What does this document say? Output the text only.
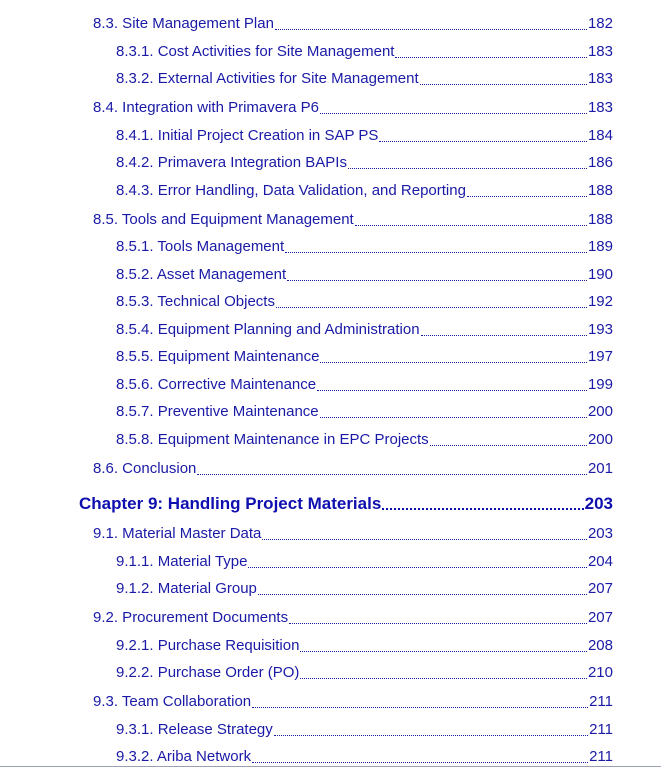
8.3. Site Management Plan	182
8.3.1. Cost Activities for Site Management	183
8.3.2. External Activities for Site Management	183
8.4. Integration with Primavera P6	183
8.4.1. Initial Project Creation in SAP PS	184
8.4.2. Primavera Integration BAPIs	186
8.4.3. Error Handling, Data Validation, and Reporting	188
8.5. Tools and Equipment Management	188
8.5.1. Tools Management	189
8.5.2. Asset Management	190
8.5.3. Technical Objects	192
8.5.4. Equipment Planning and Administration	193
8.5.5. Equipment Maintenance	197
8.5.6. Corrective Maintenance	199
8.5.7. Preventive Maintenance	200
8.5.8. Equipment Maintenance in EPC Projects	200
8.6. Conclusion	201
Chapter 9: Handling Project Materials	203
9.1. Material Master Data	203
9.1.1. Material Type	204
9.1.2. Material Group	207
9.2. Procurement Documents	207
9.2.1. Purchase Requisition	208
9.2.2. Purchase Order (PO)	210
9.3. Team Collaboration	211
9.3.1. Release Strategy	211
9.3.2. Ariba Network	211
